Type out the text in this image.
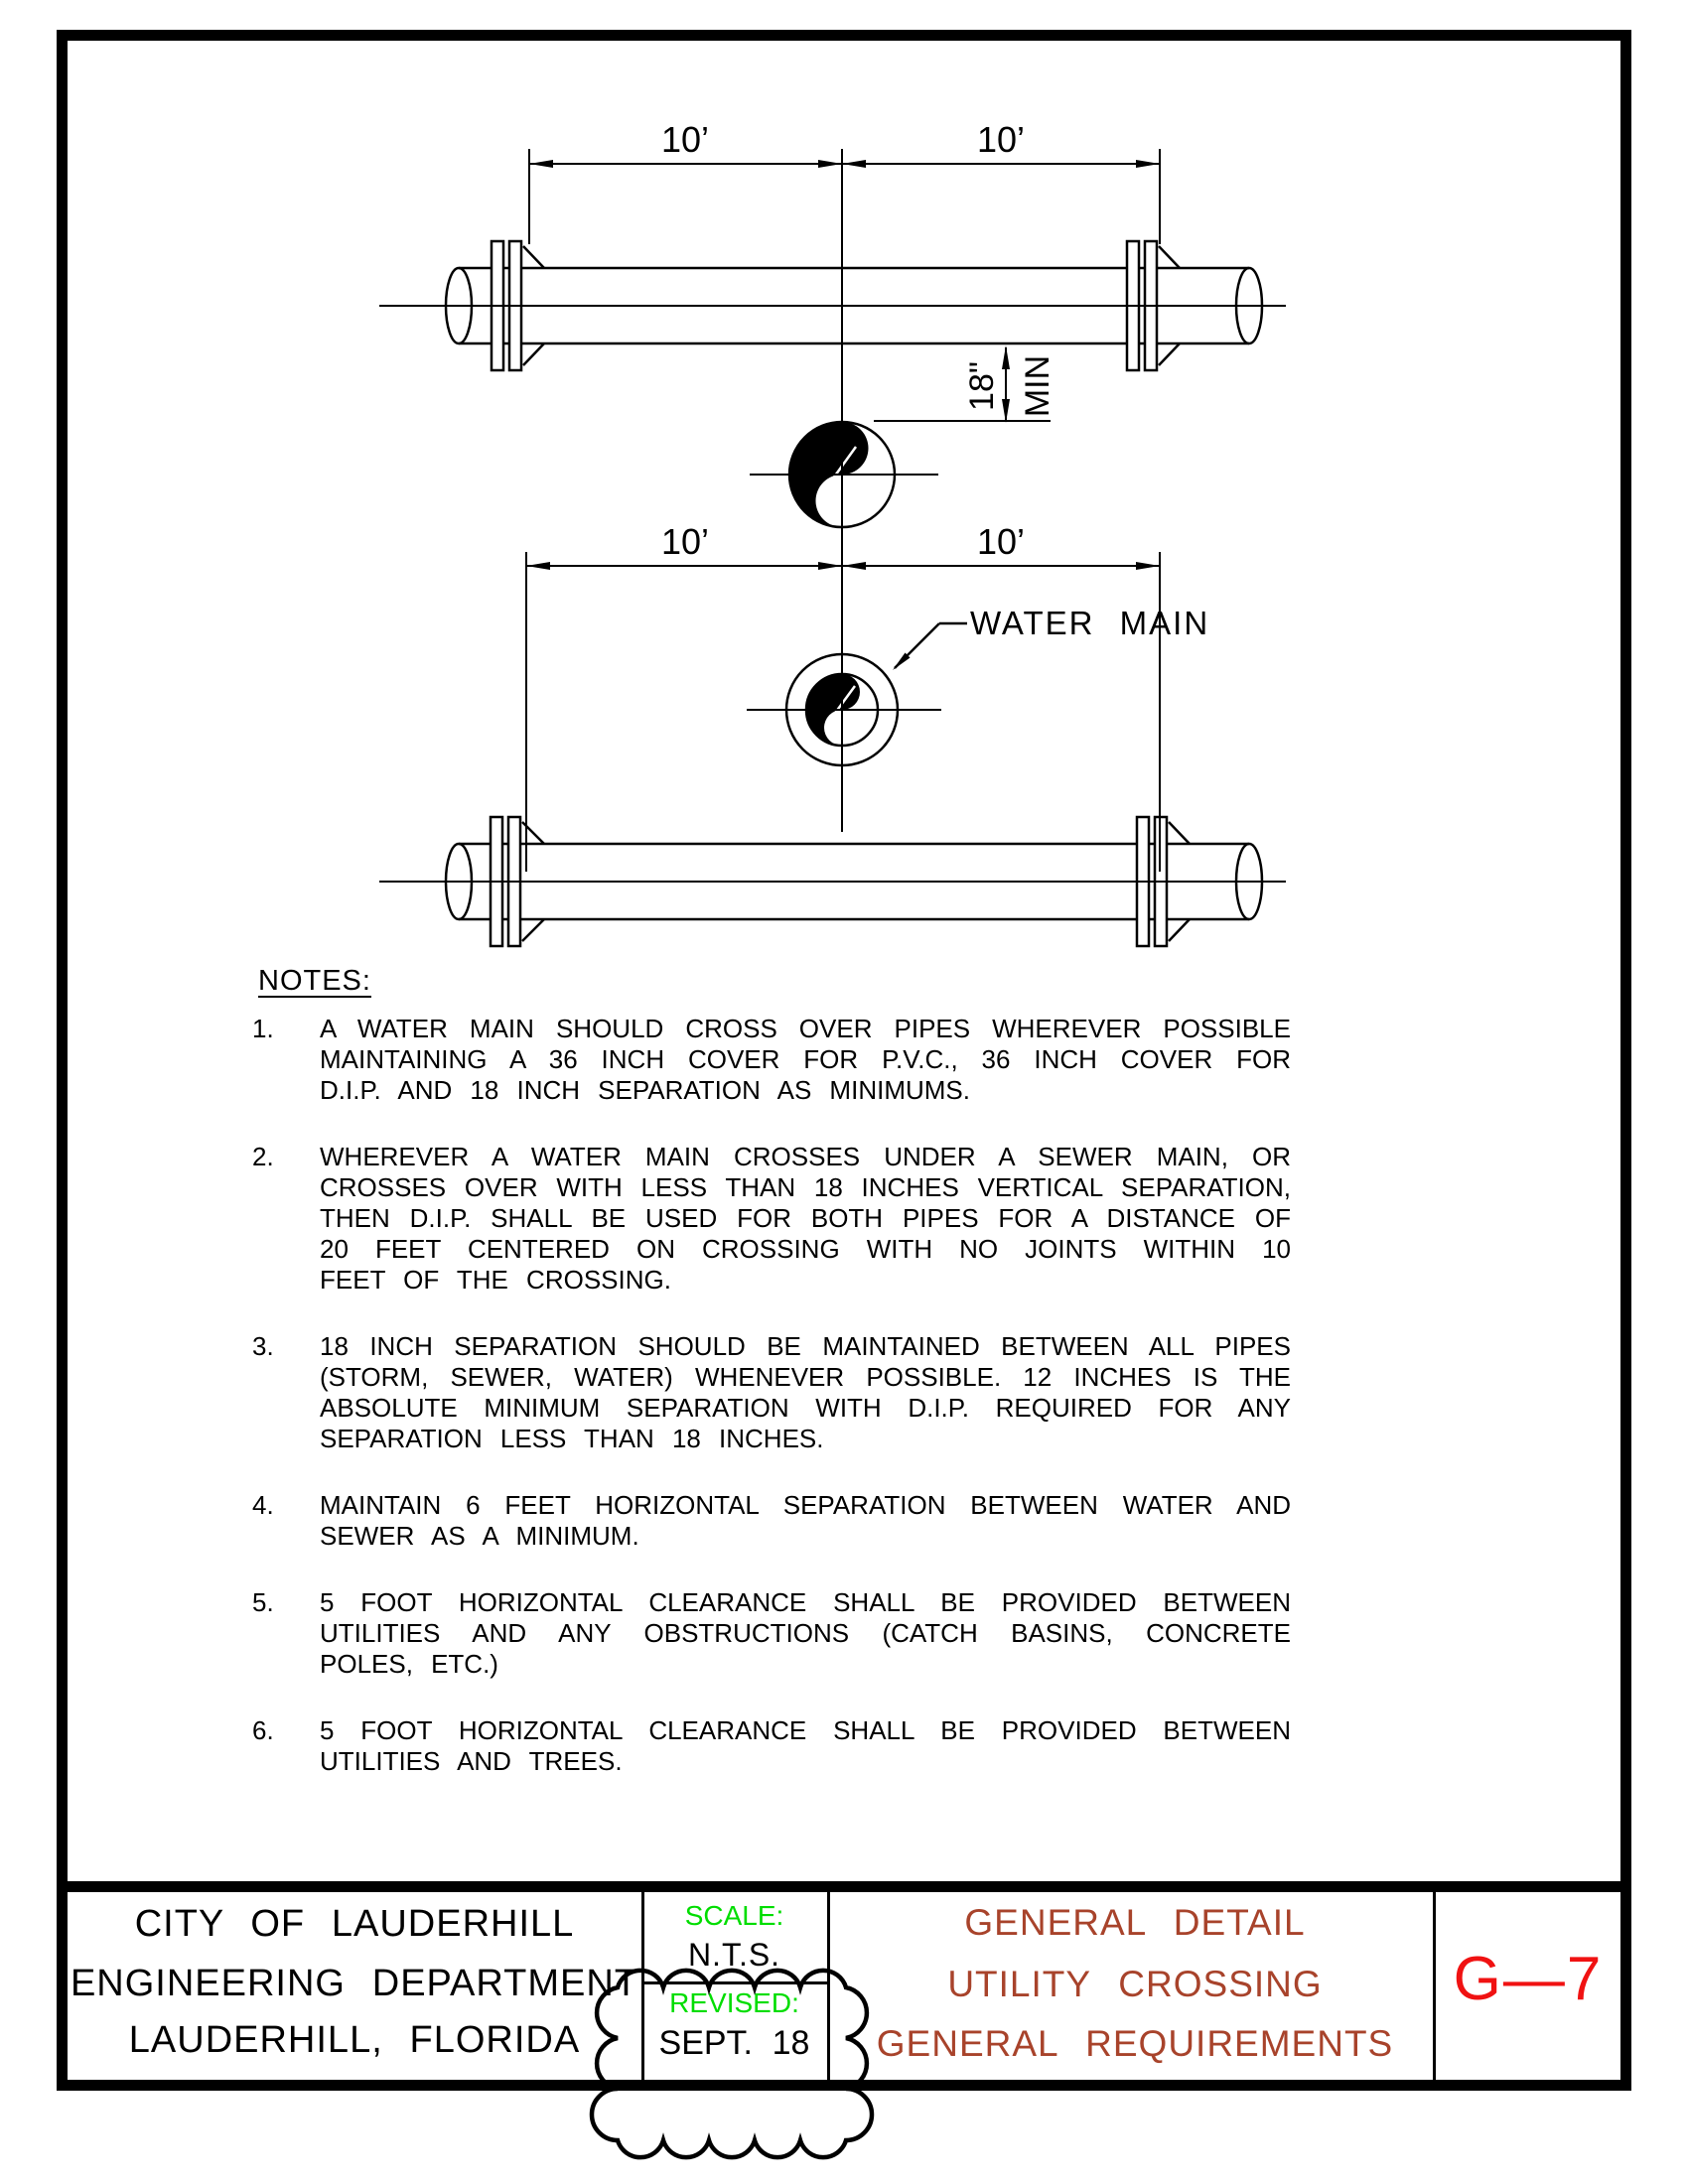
10’	10’
18" MIN
10’	10’
WATER MAIN
NOTES:
1.	A WATER MAIN SHOULD CROSS OVER PIPES WHEREVER POSSIBLE MAINTAINING A 36 INCH COVER FOR P.V.C., 36 INCH COVER FOR D.I.P. AND 18 INCH SEPARATION AS MINIMUMS.
2.	WHEREVER A WATER MAIN CROSSES UNDER A SEWER MAIN, OR CROSSES OVER WITH LESS THAN 18 INCHES VERTICAL SEPARATION, THEN D.I.P. SHALL BE USED FOR BOTH PIPES FOR A DISTANCE OF 20 FEET CENTERED ON CROSSING WITH NO JOINTS WITHIN 10 FEET OF THE CROSSING.
3.	18 INCH SEPARATION SHOULD BE MAINTAINED BETWEEN ALL PIPES (STORM, SEWER, WATER) WHENEVER POSSIBLE. 12 INCHES IS THE ABSOLUTE MINIMUM SEPARATION WITH D.I.P. REQUIRED FOR ANY SEPARATION LESS THAN 18 INCHES.
4.	MAINTAIN 6 FEET HORIZONTAL SEPARATION BETWEEN WATER AND SEWER AS A MINIMUM.
5.	5 FOOT HORIZONTAL CLEARANCE SHALL BE PROVIDED BETWEEN UTILITIES AND ANY OBSTRUCTIONS (CATCH BASINS, CONCRETE POLES, ETC.)
6.	5 FOOT HORIZONTAL CLEARANCE SHALL BE PROVIDED BETWEEN UTILITIES AND TREES.
CITY OF LAUDERHILL
ENGINEERING DEPARTMENT
LAUDERHILL, FLORIDA
SCALE:
N.T.S.
REVISED:
SEPT. 18
GENERAL DETAIL
UTILITY CROSSING
GENERAL REQUIREMENTS
G—7
